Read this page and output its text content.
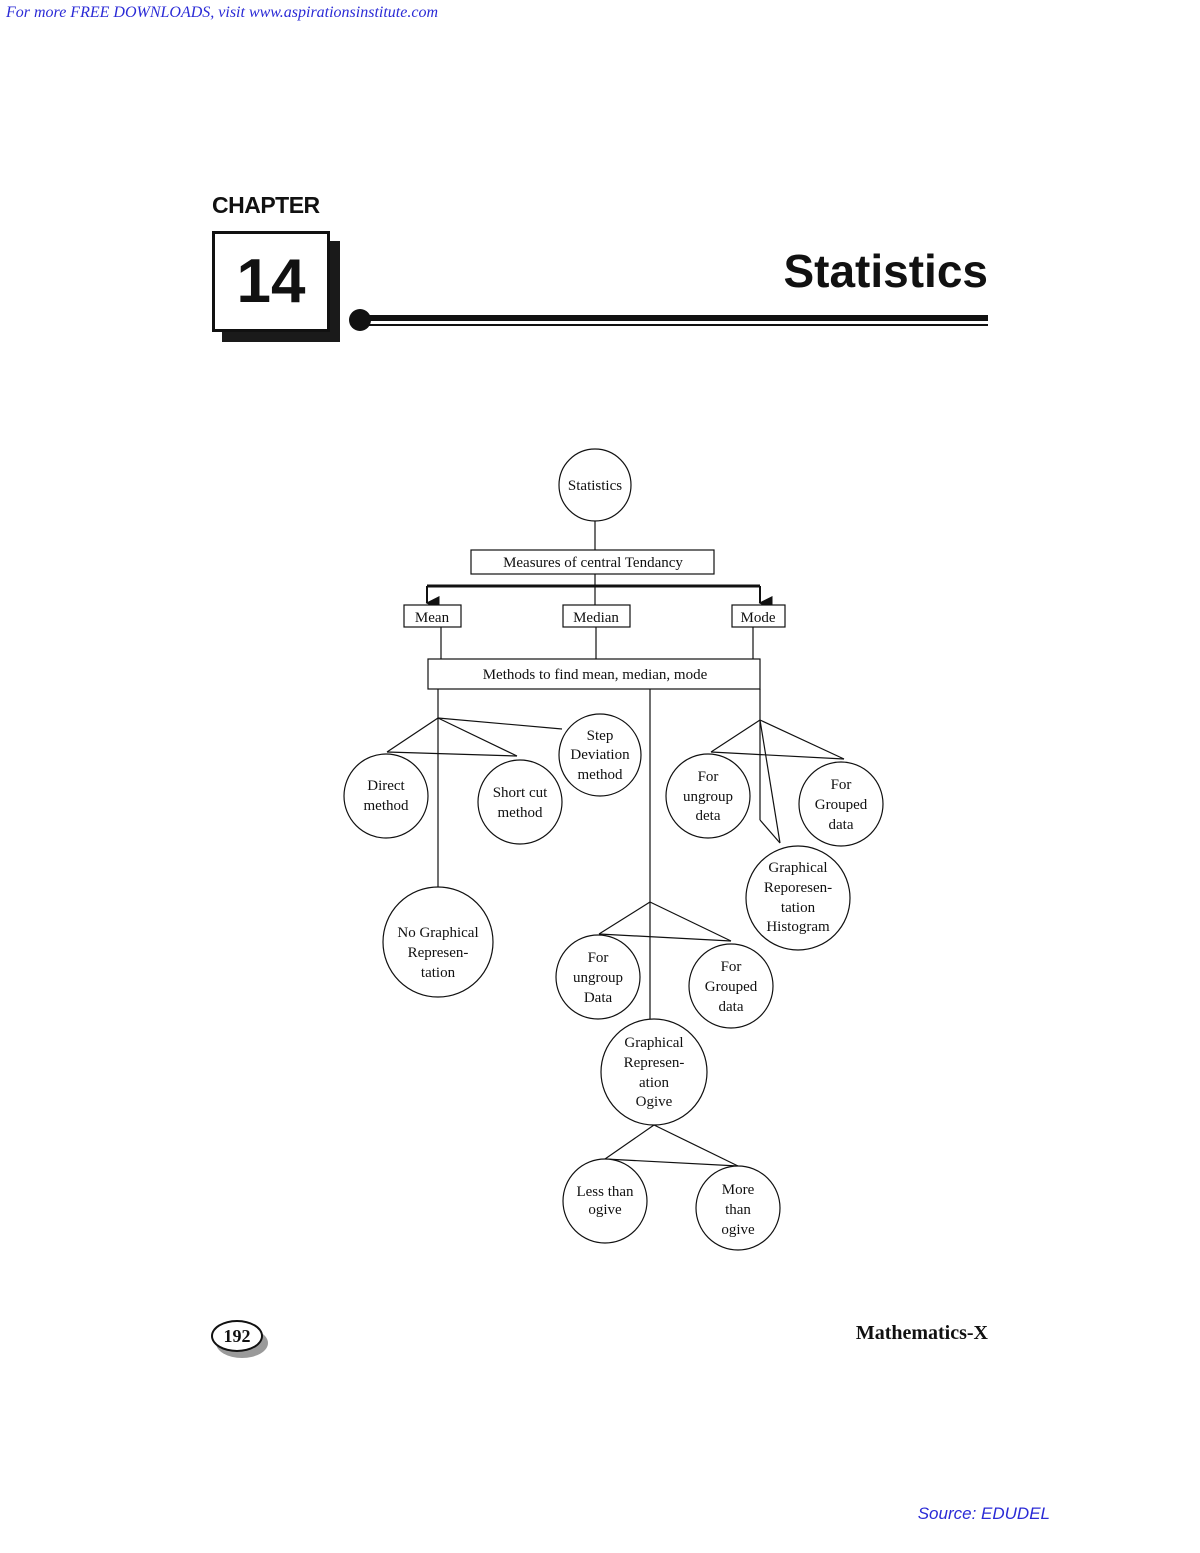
For more FREE DOWNLOADS, visit www.aspirationsinstitute.com
CHAPTER
14	Statistics
Statistics
Measures of central Tendancy
Mean	Median	Mode
Methods to find mean, median, mode
Direct
method
Short cut
method
Step
Deviation
method
No Graphical
Represen-
tation
For
ungroup
Data
For
Grouped
data
Graphical
Represen-
ation
Ogive
Less than
ogive
More
than
ogive
For
ungroup
deta
For
Grouped
data
Graphical
Reporesen-
tation
Histogram
192	Mathematics-X
Source: EDUDEL
